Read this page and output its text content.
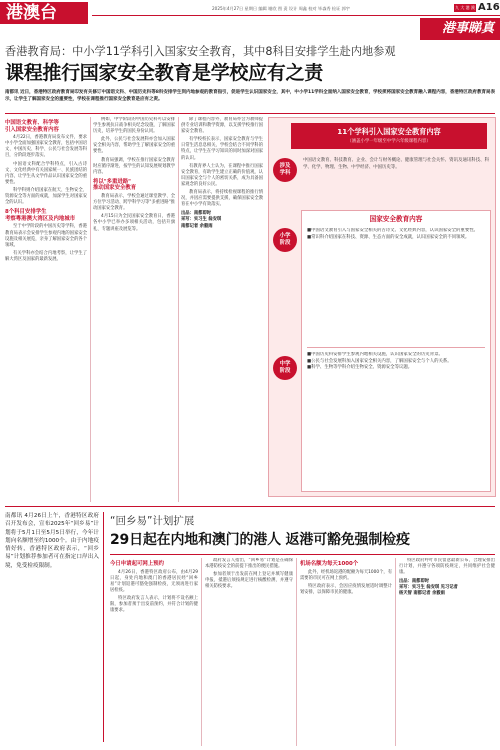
港澳台	2025年4月27日 星期日 编辑 谢欣 图 责 设计 周鑫 校对 毕淼秀 检证 郭宇	九 大 港 澳 A16
港事睇真
香港教育局：中小学11学科引入国家安全教育，其中8科目安排学生赴内地参观
课程推行国家安全教育是学校应有之责
南都讯 近日，香港特区政府教育局印发有关修订中国语文科、中国历史科等8科安排学生到内地参观的教育指引，促进学生认识国家安全，其中，中小学11学科全面纳入国家安全教育，学校须将国家安全教育融入课程内容，香港特区政府教育局表示，让学生了解国家安全的重要性，学校在课程推行国家安全教育是应有之责。
中国语文教育、科学等
引入国家安全教育内容

4月22日，香港教育局发布文件，要求中小学全面加强国家安全教育，包括中国语文、中国历史、科学、公民与社会发展等科目，分阶段逐步落实。

中国语文科配合学科特点，引入古诗文、文化经典中有关国家统一、民族团结的内容，让学生从文学作品认识国家安全的重要性。

科学科则介绍国家在航天、生物安全、资源安全等方面的成就，加深学生对国家安全的认识。

8个科目安排学生
考察粤港澳大湾区及内地城市

至于中学阶段的中国历史等学科，香港教育局表示会安排学生参观内地的国家安全设施及相关展览，亲身了解国家安全的各个领域。

有关学科亦会结合内地考察，让学生了解大湾区及国家的最新发展。

例如，中学阶段的中国历史科可以安排学生参观抗日战争相关纪念设施，了解国家历史，培养学生的国民身份认同。

此外，公民与社会发展科亦会加入国家安全相关内容，帮助学生了解国家安全的重要性。

教育局强调，学校在推行国家安全教育时应循序渐进，按学生的认知发展规划教学内容。

将以"多重进路"
推动国家安全教育

教育局表示，学校会通过课堂教学、全方位学习活动、跨学科学习等"多重进路"推动国家安全教育。

4月15日为全民国家安全教育日，香港各中小学已举办多项相关活动，包括升旗礼、专题讲座及展览等。

除了课程内容外，教育局亦会为教师提供专业培训和教学资源，以支援学校推行国家安全教育。

有学校校长表示，国家安全教育与学生日常生活息息相关，学校会结合不同学科的特点，让学生在学习知识的同时加深对国家的认识。

有教育界人士认为，在课程中推行国家安全教育，有助学生建立正确的价值观，认识国家安全与个人的密切关系，成为具备国家观念的良好公民。

教育局表示，将持续检视课程的推行情况，并因应需要提供支援，确保国家安全教育在中小学有效落实。

出品：南都即时
采写：实习生 翁安琪
南都记者 余毅雨
11个学科引入国家安全教育内容
（涵盖小学一年级至中学六年级课程内容）
涉及学科
中国语文教育、科技教育、企业、会计与财务概论、健康管理与社会关怀、资讯及通讯科技、科学、化学、物理、生物、中学经济、中国历史等。
国家安全教育内容
■中国语文教育引入与国家安全相关的古诗文、文化经典内容，认识国家安全的重要性。
■常识科介绍国家在科技、资源、生态方面的安全成就，认识国家安全的不同领域。
■中国历史科安排学生参观内地相关设施，认识国家安全的历史背景。
■公民与社会发展科加入国家安全相关内容，了解国家安全与个人的关系。
■科学、生物等学科介绍生物安全、资源安全等议题。
小学阶段
中学阶段
南都讯 4月26日上午，香港特区政府召开发布会，宣布2025年“回乡易”计划将于5月1日至5月5日举行，今年计划向名额增至约1000个。由于内地疫情好转，香港特区政府表示，“回乡易”计划推荐参加者可在指定口岸出入境，免受检疫限制。
“回乡易”计划扩展
29日起在内地和澳门的港人 返港可豁免强制检疫
今日申请起可网上预约

4月26日，香港特区政府公布，由4月29日起，身处内地和澳门的香港居民经“回乡易”计划返港可豁免强制检疫，无须再进行家居检疫。

特区政府发言人表示，计划将不设名额上限，参加者须于出发前预约，并符合计划的健康要求。

政府发言人指出，“回乡易”计划是在确保本港防疫安全的前提下推出的便民措施。

参加者须于出发前在网上登记并填写健康申报，抵港后须按规定进行核酸检测，并遵守相关防疫要求。

机场名额为每天1000个

此外，经机场返港的配额为每天1000个，有需要的市民可在网上预约。

特区政府表示，会因应疫情发展适时调整计划安排，以保障市民的健康。

特区政府呼吁市民留意最新公布，合理安排出行计划，并遵守各项防疫规定，共同维护社会健康。

出品：南都即时
采写：实习生 翁安琪 见习记者
杨天智 南都记者 余毅雨
